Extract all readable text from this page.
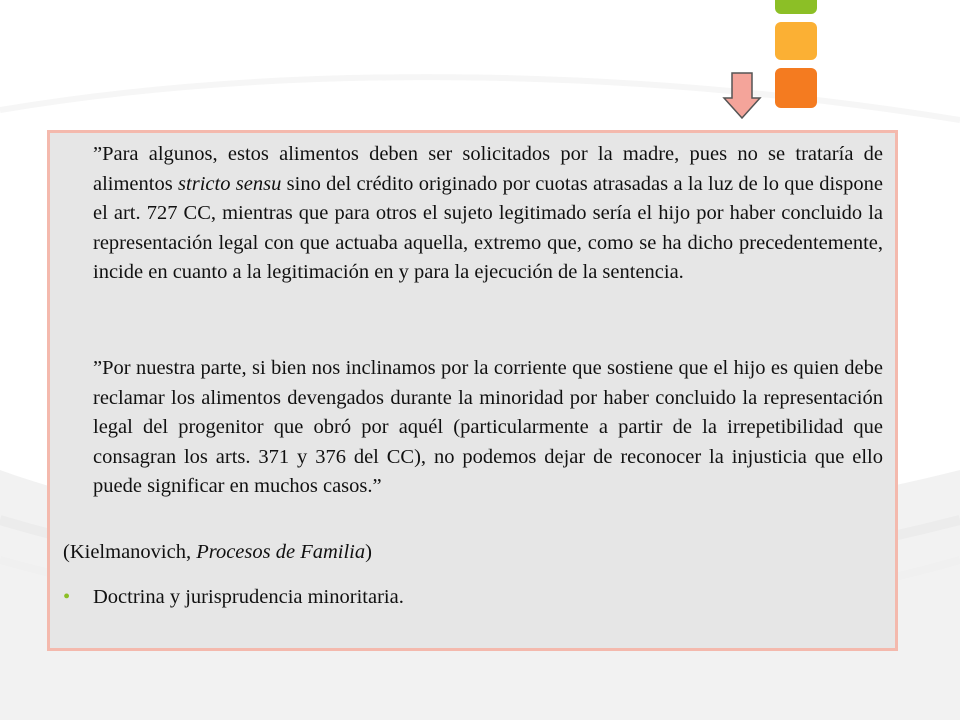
”Para algunos, estos alimentos deben ser solicitados por la madre, pues no se trataría de alimentos stricto sensu sino del crédito originado por cuotas atrasadas a la luz de lo que dispone el art. 727 CC, mientras que para otros el sujeto legitimado sería el hijo por haber concluido la representación legal con que actuaba aquella, extremo que, como se ha dicho precedentemente, incide en cuanto a la legitimación en y para la ejecución de la sentencia.

”Por nuestra parte, si bien nos inclinamos por la corriente que sostiene que el hijo es quien debe reclamar los alimentos devengados durante la minoridad por haber concluido la representación legal del progenitor que obró por aquél (particularmente a partir de la irrepetibilidad que consagran los arts. 371 y 376 del CC), no podemos dejar de reconocer la injusticia que ello puede significar en muchos casos.”

(Kielmanovich, Procesos de Familia)

• Doctrina y jurisprudencia minoritaria.
